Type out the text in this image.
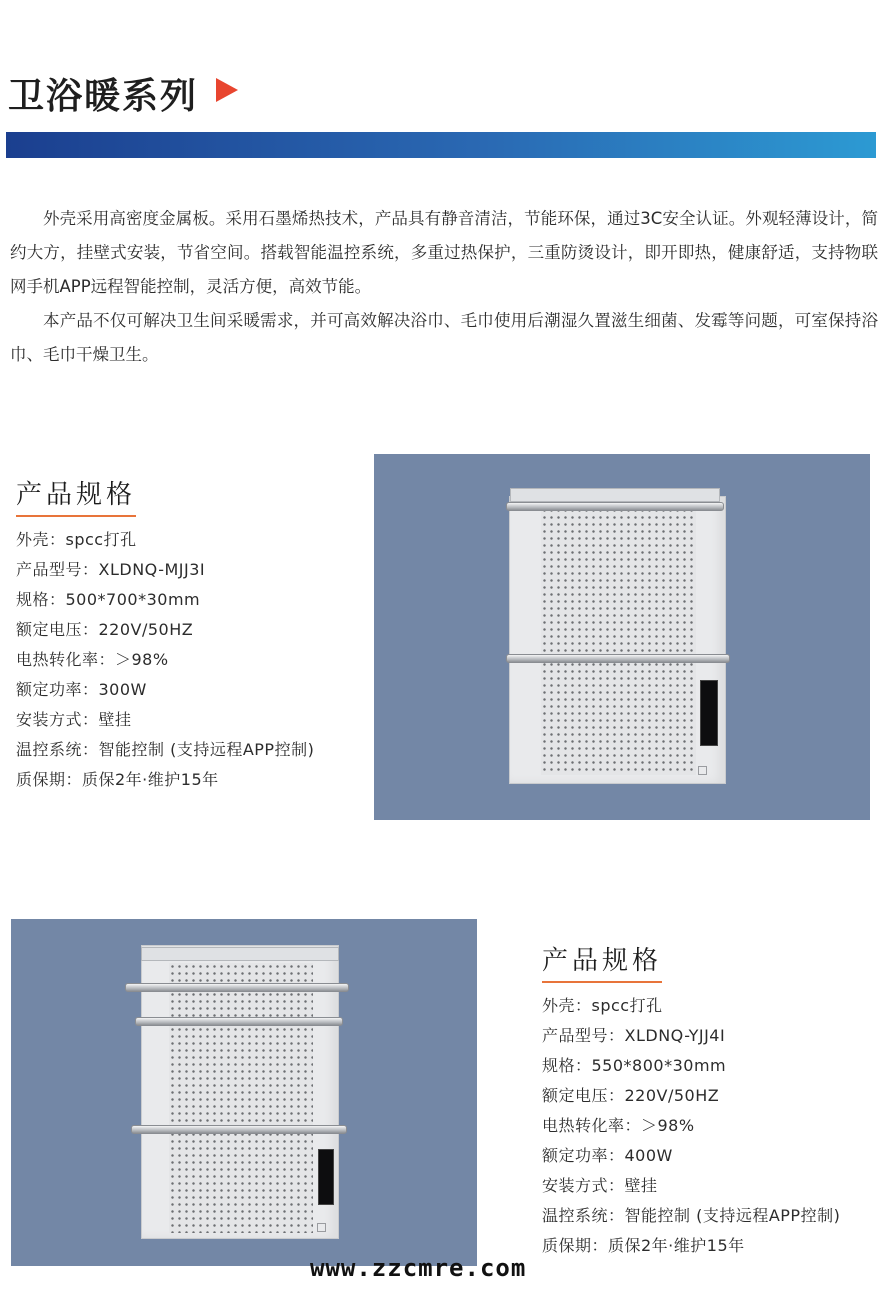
卫浴暖系列

外壳采用高密度金属板。采用石墨烯热技术，产品具有静音清洁，节能环保，通过3C安全认证。外观轻薄设计，简约大方，挂壁式安装，节省空间。搭载智能温控系统，多重过热保护，三重防烫设计，即开即热，健康舒适，支持物联网手机APP远程智能控制，灵活方便，高效节能。

本产品不仅可解决卫生间采暖需求，并可高效解决浴巾、毛巾使用后潮湿久置滋生细菌、发霉等问题，可室保持浴巾、毛巾干燥卫生。

产品规格
外壳：spcc打孔
产品型号：XLDNQ-MJJ3Ⅰ
规格：500*700*30mm
额定电压：220V/50HZ
电热转化率：＞98%
额定功率：300W
安装方式：壁挂
温控系统：智能控制 (支持远程APP控制)
质保期：质保2年·维护15年
产品规格
外壳：spcc打孔
产品型号：XLDNQ-YJJ4Ⅰ
规格：550*800*30mm
额定电压：220V/50HZ
电热转化率：＞98%
额定功率：400W
安装方式：壁挂
温控系统：智能控制 (支持远程APP控制)
质保期：质保2年·维护15年
www.zzcmre.com
